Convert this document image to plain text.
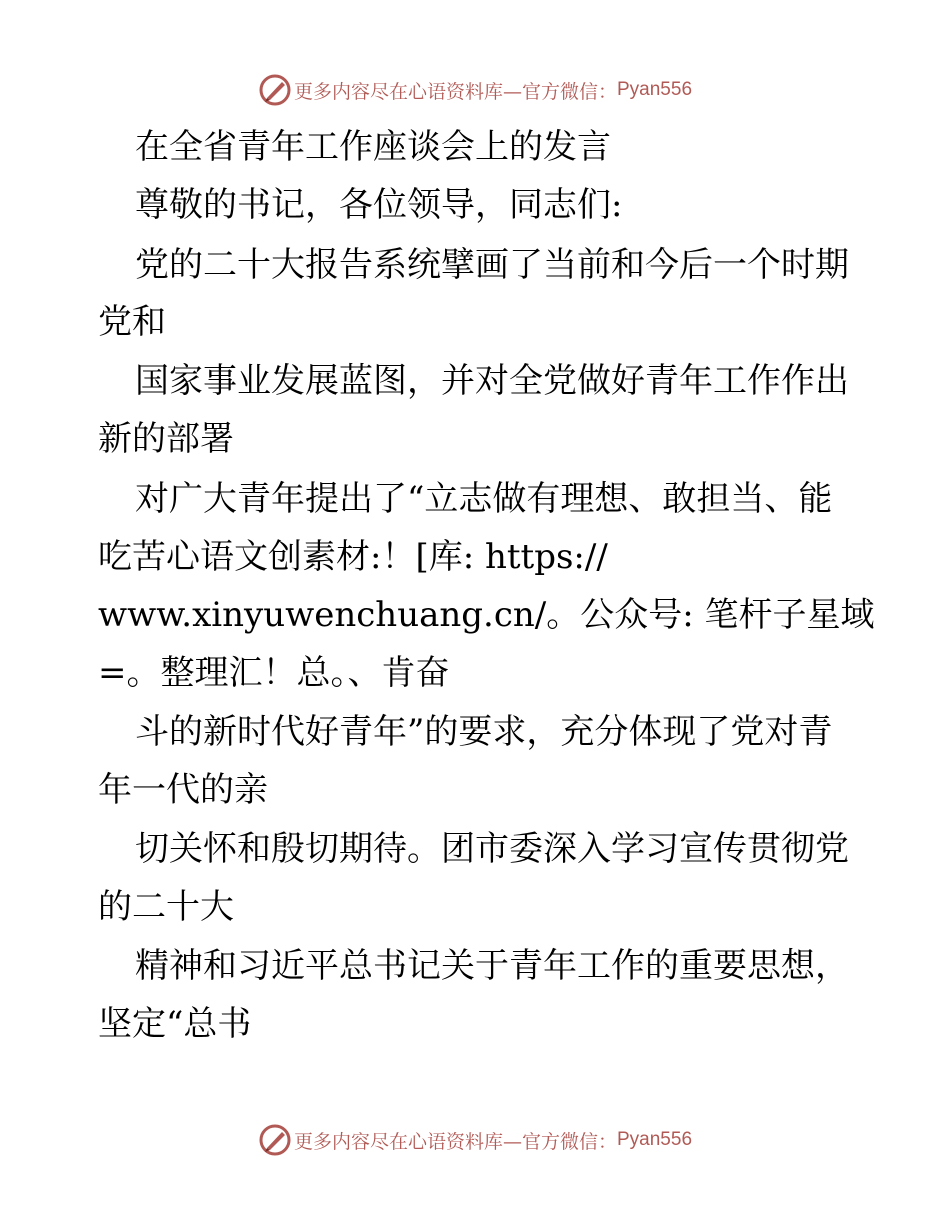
更多内容尽在心语资料库—官方微信： Pyan556
在全省青年工作座谈会上的发言
尊敬的书记，各位领导，同志们:
党的二十大报告系统擘画了当前和今后一个时期
党和
国家事业发展蓝图，并对全党做好青年工作作出
新的部署
对广大青年提出了“立志做有理想、敢担当、能
吃苦心语文创素材:！[库: https://
www.xinyuwenchuang.cn/。公众号: 笔杆子星域
=。整理汇！总。、肯奋
斗的新时代好青年”的要求，充分体现了党对青
年一代的亲
切关怀和殷切期待。团市委深入学习宣传贯彻党
的二十大
精神和习近平总书记关于青年工作的重要思想，
坚定“总书
更多内容尽在心语资料库—官方微信： Pyan556
